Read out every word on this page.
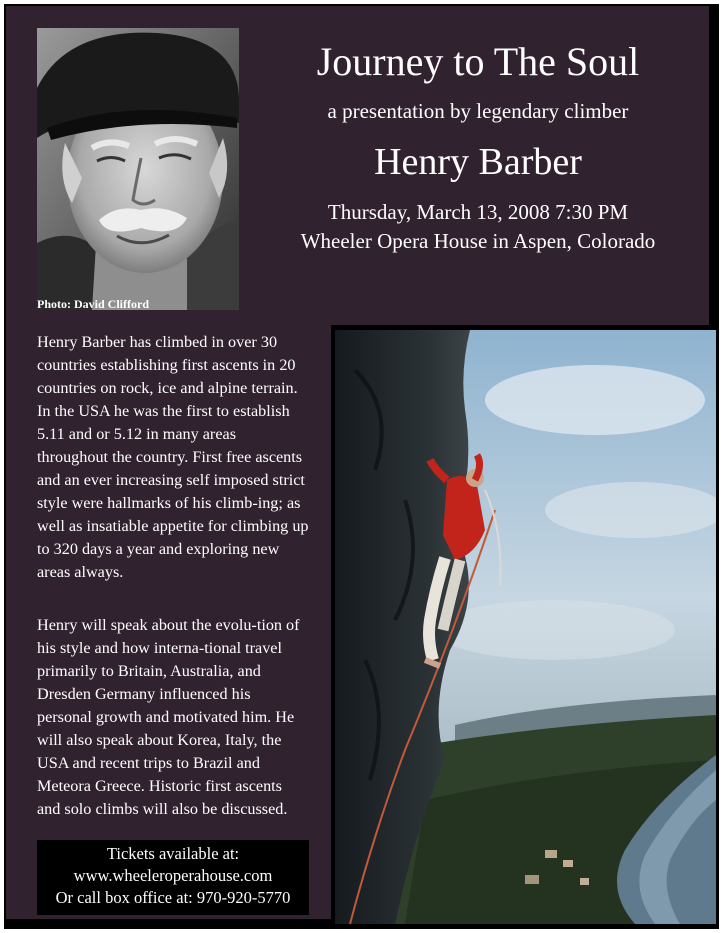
Photo: David Clifford
Journey to The Soul
a presentation by legendary climber
Henry Barber
Thursday, March 13, 2008 7:30 PM
Wheeler Opera House in Aspen, Colorado
Henry Barber has climbed in over 30 countries establishing first ascents in 20 countries on rock, ice and alpine terrain. In the USA he was the first to establish 5.11 and or 5.12 in many areas throughout the country. First free ascents and an ever increasing self imposed strict style were hallmarks of his climb-ing; as well as insatiable appetite for climbing up to 320 days a year and exploring new areas always.
Henry will speak about the evolu-tion of his style and how interna-tional travel primarily to Britain, Australia, and Dresden Germany influenced his personal growth and motivated him. He will also speak about Korea, Italy, the USA and recent trips to Brazil and Meteora Greece. Historic first ascents and solo climbs will also be discussed.
Tickets available at:
www.wheeleroperahouse.com
Or call box office at: 970-920-5770
